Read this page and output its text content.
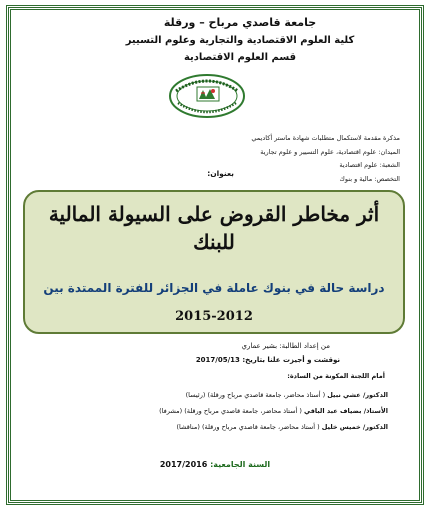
جامعة قاصدي مرباح – ورقلة
كلية العلوم الاقتصادية والتجارية وعلوم التسيير
قسم العلوم الاقتصادية
مذكرة مقدمة لاستكمال متطلبات شهادة ماستر أكاديمي
الميدان: علوم اقتصادية، علوم التسيير و علوم تجارية
الشعبة: علوم اقتصادية
التخصص: مالية و بنوك
بعنوان:
أثر مخاطر القروض على السيولة المالية
للبنك
دراسة حالة في بنوك عاملة في الجزائر للفترة الممتدة بين
2015-2012
من إعداد الطالبة: بشير عماري
نوقشت و أجيزت علنا بتاريخ: 2017/05/13
أمام اللجنة المكونة من السادة:
الدكتور/ عشي نبيل ( أستاذ محاضر، جامعة قاصدي مرباح ورقلة) (رئيسا)
الأستاذ/ بضياف عبد الباقي ( أستاذ محاضر، جامعة قاصدي مرباح ورقلة) (مشرفا)
الدكتور/ خميس خليل ( أستاذ محاضر، جامعة قاصدي مرباح ورقلة) (مناقشا)
السنة الجامعية: 2017/2016
